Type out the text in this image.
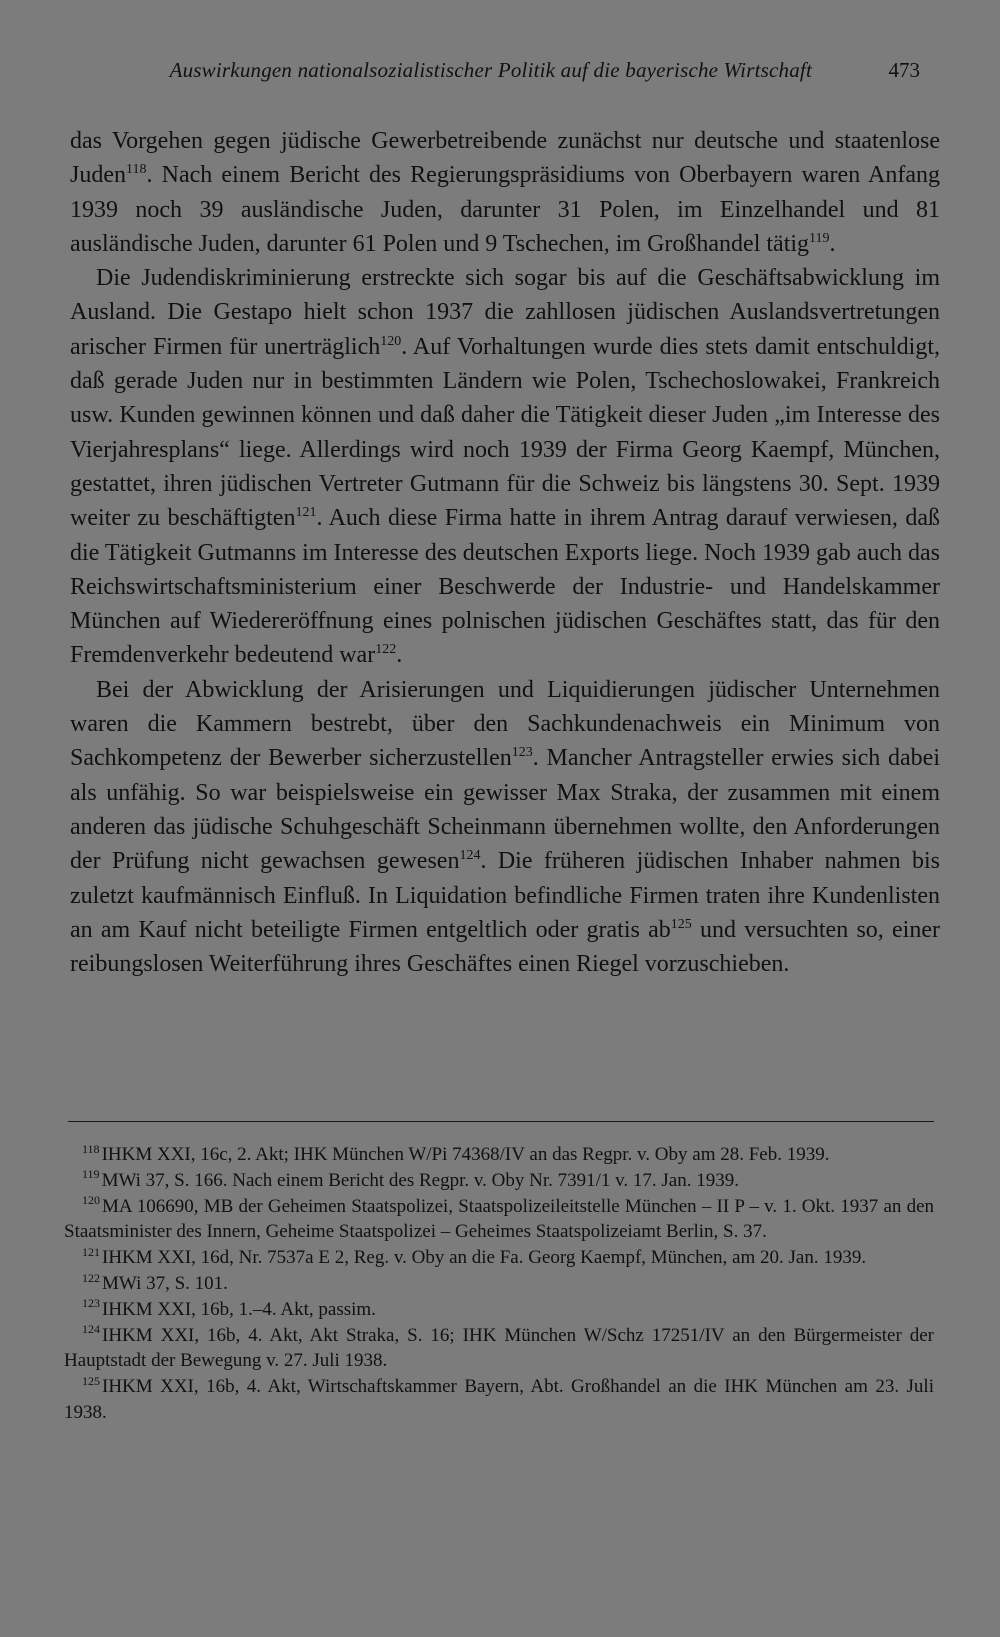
Auswirkungen nationalsozialistischer Politik auf die bayerische Wirtschaft	473

das Vorgehen gegen jüdische Gewerbetreibende zunächst nur deutsche und staatenlose Juden$^{118}$. Nach einem Bericht des Regierungspräsidiums von Oberbayern waren Anfang 1939 noch 39 ausländische Juden, darunter 31 Polen, im Einzelhandel und 81 ausländische Juden, darunter 61 Polen und 9 Tschechen, im Großhandel tätig$^{119}$.

Die Judendiskriminierung erstreckte sich sogar bis auf die Geschäftsabwicklung im Ausland. Die Gestapo hielt schon 1937 die zahllosen jüdischen Auslandsvertretungen arischer Firmen für unerträglich$^{120}$. Auf Vorhaltungen wurde dies stets damit entschuldigt, daß gerade Juden nur in bestimmten Ländern wie Polen, Tschechoslowakei, Frankreich usw. Kunden gewinnen können und daß daher die Tätigkeit dieser Juden „im Interesse des Vierjahresplans“ liege. Allerdings wird noch 1939 der Firma Georg Kaempf, München, gestattet, ihren jüdischen Vertreter Gutmann für die Schweiz bis längstens 30. Sept. 1939 weiter zu beschäftigten$^{121}$. Auch diese Firma hatte in ihrem Antrag darauf verwiesen, daß die Tätigkeit Gutmanns im Interesse des deutschen Exports liege. Noch 1939 gab auch das Reichswirtschaftsministerium einer Beschwerde der Industrie- und Handelskammer München auf Wiedereröffnung eines polnischen jüdischen Geschäftes statt, das für den Fremdenverkehr bedeutend war$^{122}$.

Bei der Abwicklung der Arisierungen und Liquidierungen jüdischer Unternehmen waren die Kammern bestrebt, über den Sachkundenachweis ein Minimum von Sachkompetenz der Bewerber sicherzustellen$^{123}$. Mancher Antragsteller erwies sich dabei als unfähig. So war beispielsweise ein gewisser Max Straka, der zusammen mit einem anderen das jüdische Schuhgeschäft Scheinmann übernehmen wollte, den Anforderungen der Prüfung nicht gewachsen gewesen$^{124}$. Die früheren jüdischen Inhaber nahmen bis zuletzt kaufmännisch Einfluß. In Liquidation befindliche Firmen traten ihre Kundenlisten an am Kauf nicht beteiligte Firmen entgeltlich oder gratis $ab^{125}$ und versuchten so, einer reibungslosen Weiterführung ihres Geschäftes einen Riegel vorzuschieben.

$^{118}$ IHKM XXI, 16c, 2. Akt; IHK München W/Pi 74368/IV an das Regpr. v. Oby am 28. Feb. 1939.

$^{119}$ MWi 37, S. 166. Nach einem Bericht des Regpr. v. Oby Nr. 7391/1 v. 17. Jan. 1939.

$^{120}$ MA 106690, MB der Geheimen Staatspolizei, Staatspolizeileitstelle München – II P – v. 1. Okt. 1937 an den Staatsminister des Innern, Geheime Staatspolizei – Geheimes Staatspolizeiamt Berlin, S. 37.

$^{121}$ IHKM XXI, 16d, Nr. 7537a E 2, Reg. v. Oby an die Fa. Georg Kaempf, München, am 20. Jan. 1939.

$^{122}$ MWi 37, S. 101.

$^{123}$ IHKM XXI, 16b, 1.–4. Akt, passim.

$^{124}$ IHKM XXI, 16b, 4. Akt, Akt Straka, S. 16; IHK München W/Schz 17251/IV an den Bürgermeister der Hauptstadt der Bewegung v. 27. Juli 1938.

$^{125}$ IHKM XXI, 16b, 4. Akt, Wirtschaftskammer Bayern, Abt. Großhandel an die IHK München am 23. Juli 1938.
